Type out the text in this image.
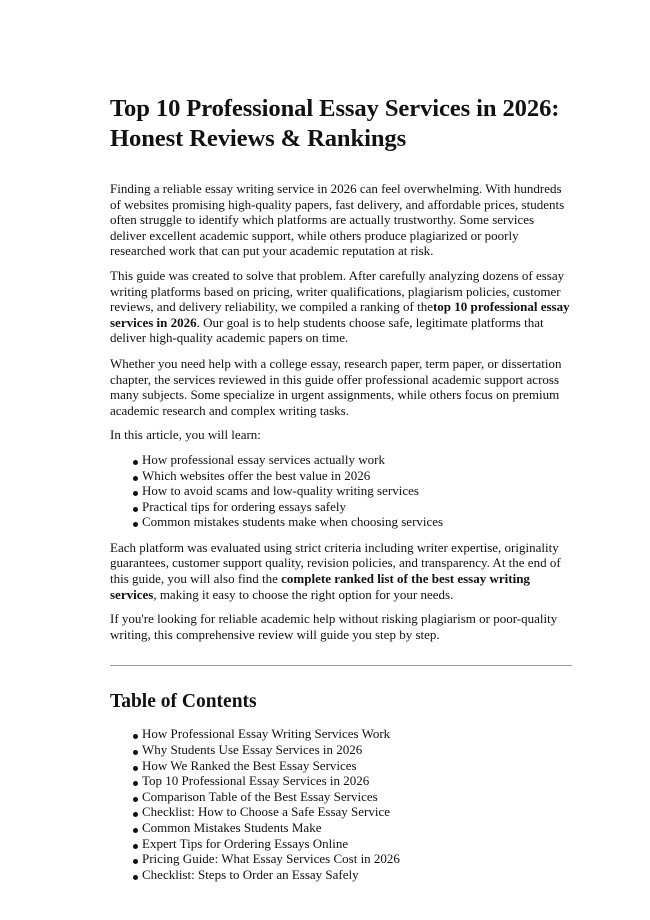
Top 10 Professional Essay Services in 2026: Honest Reviews & Rankings

Finding a reliable essay writing service in 2026 can feel overwhelming. With hundreds of websites promising high-quality papers, fast delivery, and affordable prices, students often struggle to identify which platforms are actually trustworthy. Some services deliver excellent academic support, while others produce plagiarized or poorly researched work that can put your academic reputation at risk.

This guide was created to solve that problem. After carefully analyzing dozens of essay writing platforms based on pricing, writer qualifications, plagiarism policies, customer reviews, and delivery reliability, we compiled a ranking of thetop 10 professional essay services in 2026. Our goal is to help students choose safe, legitimate platforms that deliver high-quality academic papers on time.

Whether you need help with a college essay, research paper, term paper, or dissertation chapter, the services reviewed in this guide offer professional academic support across many subjects. Some specialize in urgent assignments, while others focus on premium academic research and complex writing tasks.

In this article, you will learn:

How professional essay services actually work
Which websites offer the best value in 2026
How to avoid scams and low-quality writing services
Practical tips for ordering essays safely
Common mistakes students make when choosing services

Each platform was evaluated using strict criteria including writer expertise, originality guarantees, customer support quality, revision policies, and transparency. At the end of this guide, you will also find the complete ranked list of the best essay writing services, making it easy to choose the right option for your needs.

If you're looking for reliable academic help without risking plagiarism or poor-quality writing, this comprehensive review will guide you step by step.

Table of Contents
How Professional Essay Writing Services Work
Why Students Use Essay Services in 2026
How We Ranked the Best Essay Services
Top 10 Professional Essay Services in 2026
Comparison Table of the Best Essay Services
Checklist: How to Choose a Safe Essay Service
Common Mistakes Students Make
Expert Tips for Ordering Essays Online
Pricing Guide: What Essay Services Cost in 2026
Checklist: Steps to Order an Essay Safely
